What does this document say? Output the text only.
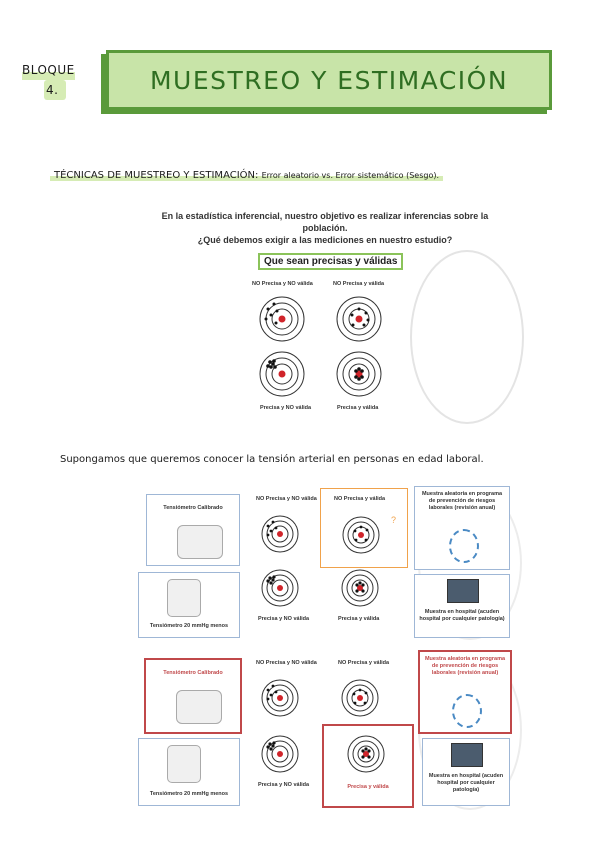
BLOQUE
4.	MUESTREO Y ESTIMACIÓN
TÉCNICAS DE MUESTREO Y ESTIMACIÓN: Error aleatorio vs. Error sistemático (Sesgo).
En la estadística inferencial, nuestro objetivo es realizar inferencias sobre la población.
¿Qué debemos exigir a las mediciones en nuestro estudio?
Que sean precisas y válidas
NO Precisa y NO válida	NO Precisa y válida
Precisa y NO válida	Precisa y válida
Supongamos que queremos conocer la tensión arterial en personas en edad laboral.
Tensiómetro Calibrado
Tensiómetro 20 mmHg menos
NO Precisa y NO válida	NO Precisa y válida
?
Precisa y NO válida	Precisa y válida
Muestra aleatoria en programa de prevención de riesgos laborales (revisión anual)
Muestra en hospital (acuden hospital por cualquier patología)
Tensiómetro Calibrado
Tensiómetro 20 mmHg menos
NO Precisa y NO válida	NO Precisa y válida
Precisa y válida
Precisa y NO válida
Muestra aleatoria en programa de prevención de riesgos laborales (revisión anual)
Muestra en hospital (acuden hospital por cualquier patología)
